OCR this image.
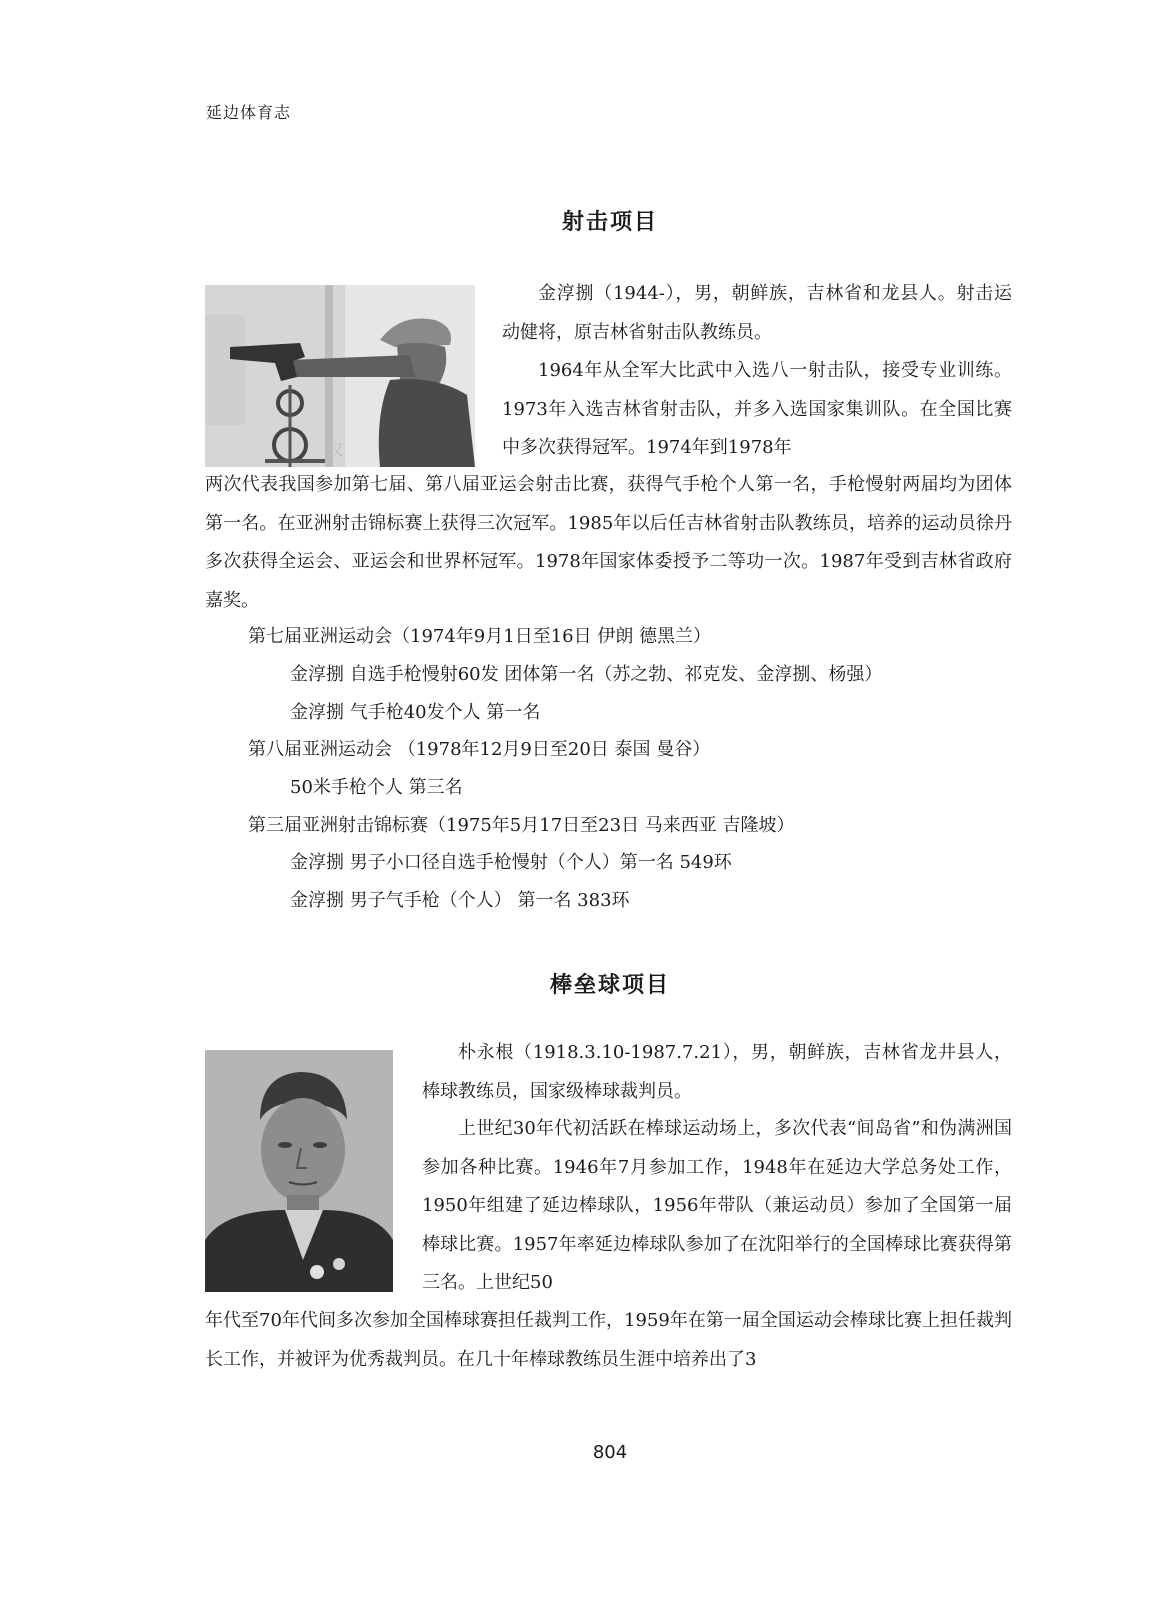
延边体育志
射击项目
汉

金淳捌（1944-），男，朝鲜族，吉林省和龙县人。射击运动健将，原吉林省射击队教练员。

1964年从全军大比武中入选八一射击队，接受专业训练。1973年入选吉林省射击队，并多入选国家集训队。在全国比赛中多次获得冠军。1974年到1978年

两次代表我国参加第七届、第八届亚运会射击比赛，获得气手枪个人第一名，手枪慢射两届均为团体第一名。在亚洲射击锦标赛上获得三次冠军。1985年以后任吉林省射击队教练员，培养的运动员徐丹多次获得全运会、亚运会和世界杯冠军。1978年国家体委授予二等功一次。1987年受到吉林省政府嘉奖。

第七届亚洲运动会（1974年9月1日至16日 伊朗 德黑兰）
金淳捌 自选手枪慢射60发 团体第一名（苏之勃、祁克发、金淳捌、杨强）
金淳捌 气手枪40发个人 第一名
第八届亚洲运动会 （1978年12月9日至20日 泰国 曼谷）
50米手枪个人 第三名
第三届亚洲射击锦标赛（1975年5月17日至23日 马来西亚 吉隆坡）
金淳捌 男子小口径自选手枪慢射（个人）第一名 549环
金淳捌 男子气手枪（个人） 第一名 383环
棒垒球项目

朴永根（1918.3.10-1987.7.21），男，朝鲜族，吉林省龙井县人，棒球教练员，国家级棒球裁判员。

上世纪30年代初活跃在棒球运动场上，多次代表“间岛省”和伪满洲国参加各种比赛。1946年7月参加工作，1948年在延边大学总务处工作，1950年组建了延边棒球队，1956年带队（兼运动员）参加了全国第一届棒球比赛。1957年率延边棒球队参加了在沈阳举行的全国棒球比赛获得第三名。上世纪50

年代至70年代间多次参加全国棒球赛担任裁判工作，1959年在第一届全国运动会棒球比赛上担任裁判长工作，并被评为优秀裁判员。在几十年棒球教练员生涯中培养出了3

804
